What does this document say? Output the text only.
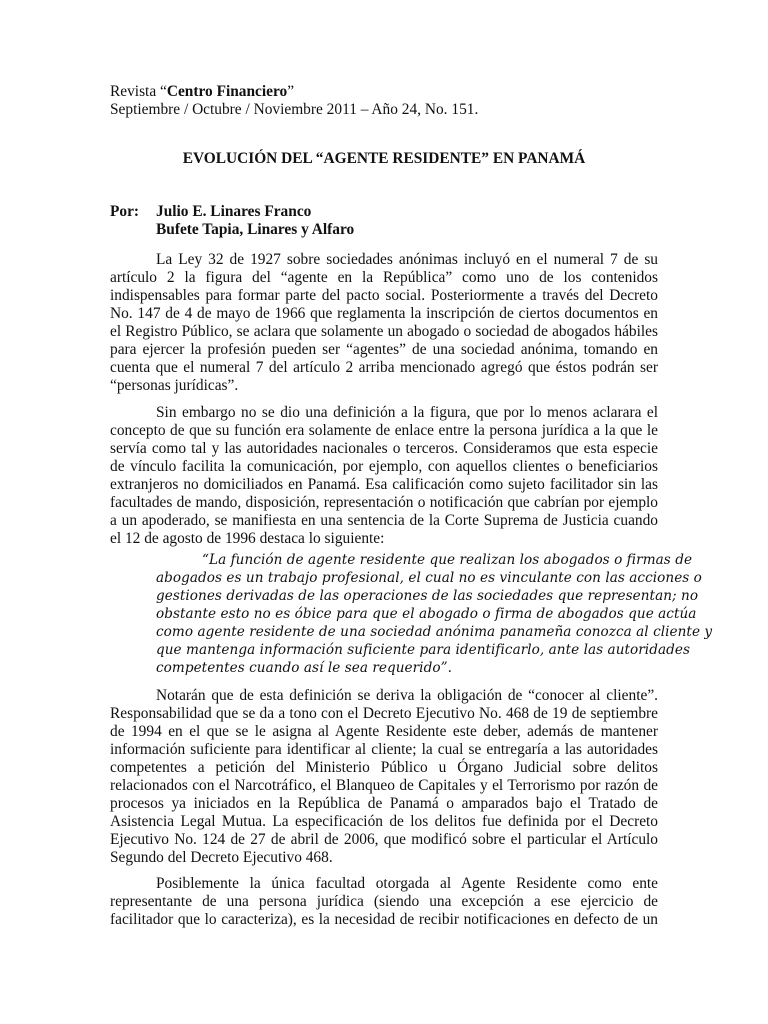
Revista “Centro Financiero”
Septiembre / Octubre / Noviembre 2011 – Año 24, No. 151.
EVOLUCIÓN DEL “AGENTE RESIDENTE” EN PANAMÁ
Por:	Julio E. Linares Franco
Bufete Tapia, Linares y Alfaro
La Ley 32 de 1927 sobre sociedades anónimas incluyó en el numeral 7 de su
artículo 2 la figura del “agente en la República” como uno de los contenidos
indispensables para formar parte del pacto social. Posteriormente a través del Decreto
No. 147 de 4 de mayo de 1966 que reglamenta la inscripción de ciertos documentos en
el Registro Público, se aclara que solamente un abogado o sociedad de abogados hábiles
para ejercer la profesión pueden ser “agentes” de una sociedad anónima, tomando en
cuenta que el numeral 7 del artículo 2 arriba mencionado agregó que éstos podrán ser
“personas jurídicas”.
Sin embargo no se dio una definición a la figura, que por lo menos aclarara el
concepto de que su función era solamente de enlace entre la persona jurídica a la que le
servía como tal y las autoridades nacionales o terceros. Consideramos que esta especie
de vínculo facilita la comunicación, por ejemplo, con aquellos clientes o beneficiarios
extranjeros no domiciliados en Panamá. Esa calificación como sujeto facilitador sin las
facultades de mando, disposición, representación o notificación que cabrían por ejemplo
a un apoderado, se manifiesta en una sentencia de la Corte Suprema de Justicia cuando
el 12 de agosto de 1996 destaca lo siguiente:
“La función de agente residente que realizan los abogados o firmas de
abogados es un trabajo profesional, el cual no es vinculante con las acciones o
gestiones derivadas de las operaciones de las sociedades que representan; no
obstante esto no es óbice para que el abogado o firma de abogados que actúa
como agente residente de una sociedad anónima panameña conozca al cliente y
que mantenga información suficiente para identificarlo, ante las autoridades
competentes cuando así le sea requerido”.
Notarán que de esta definición se deriva la obligación de “conocer al cliente”.
Responsabilidad que se da a tono con el Decreto Ejecutivo No. 468 de 19 de septiembre
de 1994 en el que se le asigna al Agente Residente este deber, además de mantener
información suficiente para identificar al cliente; la cual se entregaría a las autoridades
competentes a petición del Ministerio Público u Órgano Judicial sobre delitos
relacionados con el Narcotráfico, el Blanqueo de Capitales y el Terrorismo por razón de
procesos ya iniciados en la República de Panamá o amparados bajo el Tratado de
Asistencia Legal Mutua. La especificación de los delitos fue definida por el Decreto
Ejecutivo No. 124 de 27 de abril de 2006, que modificó sobre el particular el Artículo
Segundo del Decreto Ejecutivo 468.
Posiblemente la única facultad otorgada al Agente Residente como ente
representante de una persona jurídica (siendo una excepción a ese ejercicio de
facilitador que lo caracteriza), es la necesidad de recibir notificaciones en defecto de un
